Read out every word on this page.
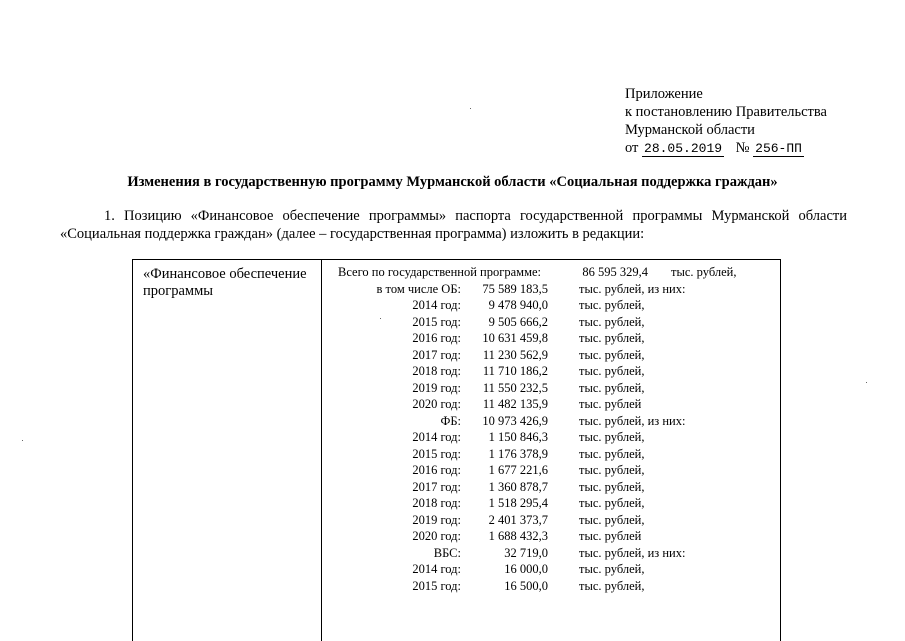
Приложение
к постановлению Правительства
Мурманской области
от 28.05.2019 № 256-ПП
Изменения в государственную программу Мурманской области «Социальная поддержка граждан»
1. Позицию «Финансовое обеспечение программы» паспорта государственной программы Мурманской области
«Социальная поддержка граждан» (далее – государственная программа) изложить в редакции:
«Финансовое обеспечение
программы
Всего по государственной программе:	86 595 329,4 тыс. рублей,
в том числе ОБ:	75 589 183,5 тыс. рублей, из них:
2014 год:	9 478 940,0 тыс. рублей,
2015 год:	9 505 666,2 тыс. рублей,
2016 год:	10 631 459,8 тыс. рублей,
2017 год:	11 230 562,9 тыс. рублей,
2018 год:	11 710 186,2 тыс. рублей,
2019 год:	11 550 232,5 тыс. рублей,
2020 год:	11 482 135,9 тыс. рублей
ФБ:	10 973 426,9 тыс. рублей, из них:
2014 год:	1 150 846,3 тыс. рублей,
2015 год:	1 176 378,9 тыс. рублей,
2016 год:	1 677 221,6 тыс. рублей,
2017 год:	1 360 878,7 тыс. рублей,
2018 год:	1 518 295,4 тыс. рублей,
2019 год:	2 401 373,7 тыс. рублей,
2020 год:	1 688 432,3 тыс. рублей
ВБС:	32 719,0 тыс. рублей, из них:
2014 год:	16 000,0 тыс. рублей,
2015 год:	16 500,0 тыс. рублей,
